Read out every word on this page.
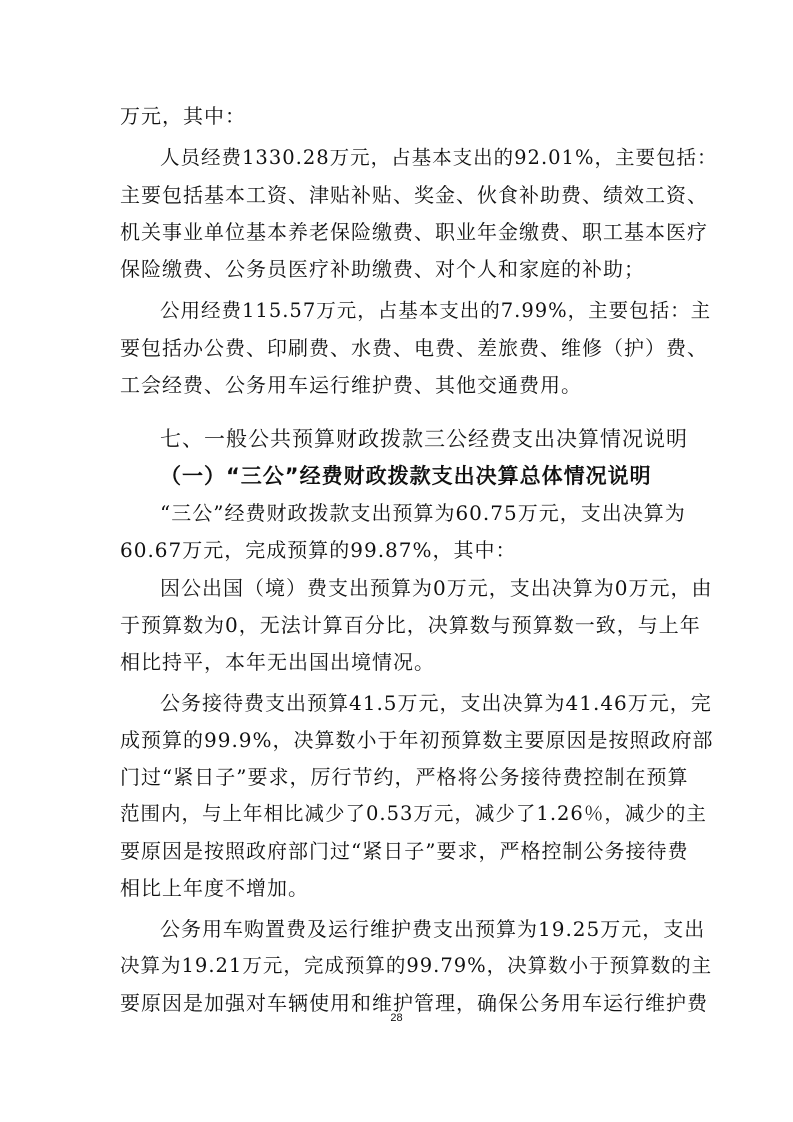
万元，其中：
人员经费1330.28万元，占基本支出的92.01%，主要包括：
主要包括基本工资、津贴补贴、奖金、伙食补助费、绩效工资、
机关事业单位基本养老保险缴费、职业年金缴费、职工基本医疗
保险缴费、公务员医疗补助缴费、对个人和家庭的补助；
公用经费115.57万元，占基本支出的7.99%，主要包括：主
要包括办公费、印刷费、水费、电费、差旅费、维修（护）费、
工会经费、公务用车运行维护费、其他交通费用。
七、一般公共预算财政拨款三公经费支出决算情况说明
（一）“三公”经费财政拨款支出决算总体情况说明
“三公”经费财政拨款支出预算为60.75万元，支出决算为
60.67万元，完成预算的99.87%，其中：
因公出国（境）费支出预算为0万元，支出决算为0万元，由
于预算数为0，无法计算百分比，决算数与预算数一致，与上年
相比持平，本年无出国出境情况。
公务接待费支出预算41.5万元，支出决算为41.46万元，完
成预算的99.9%，决算数小于年初预算数主要原因是按照政府部
门过“紧日子”要求，厉行节约，严格将公务接待费控制在预算
范围内，与上年相比减少了0.53万元，减少了1.26％，减少的主
要原因是按照政府部门过“紧日子”要求，严格控制公务接待费
相比上年度不增加。
公务用车购置费及运行维护费支出预算为19.25万元，支出
决算为19.21万元，完成预算的99.79%，决算数小于预算数的主
要原因是加强对车辆使用和维护管理，确保公务用车运行维护费
28
